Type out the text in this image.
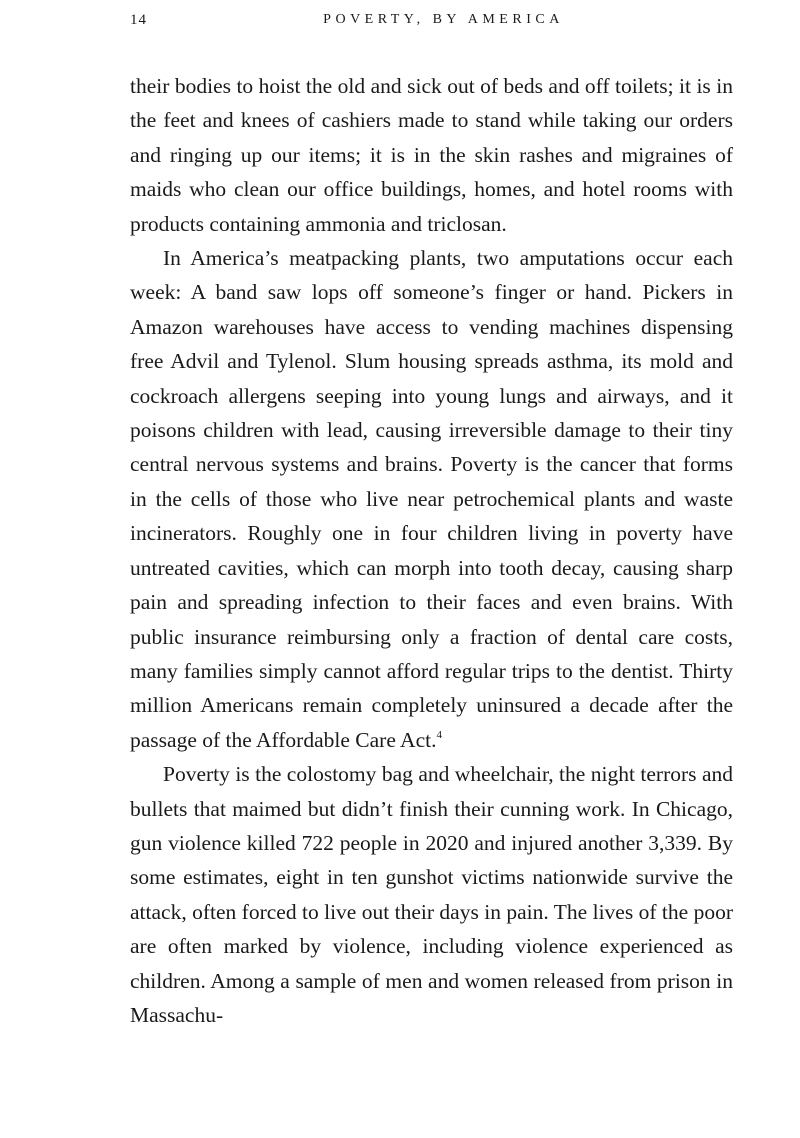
14	POVERTY, BY AMERICA

their bodies to hoist the old and sick out of beds and off toilets; it is in the feet and knees of cashiers made to stand while taking our orders and ringing up our items; it is in the skin rashes and migraines of maids who clean our office buildings, homes, and hotel rooms with products containing ammonia and triclosan.

In America’s meatpacking plants, two amputations occur each week: A band saw lops off someone’s finger or hand. Pickers in Amazon warehouses have access to vending machines dispensing free Advil and Tylenol. Slum housing spreads asthma, its mold and cockroach allergens seeping into young lungs and airways, and it poisons children with lead, causing irreversible damage to their tiny central nervous systems and brains. Poverty is the cancer that forms in the cells of those who live near petrochemical plants and waste incinerators. Roughly one in four children living in poverty have untreated cavities, which can morph into tooth decay, causing sharp pain and spreading infection to their faces and even brains. With public insurance reimbursing only a fraction of dental care costs, many families simply cannot afford regular trips to the dentist. Thirty million Americans remain completely uninsured a decade after the passage of the Affordable Care Act.$^4$

Poverty is the colostomy bag and wheelchair, the night terrors and bullets that maimed but didn’t finish their cunning work. In Chicago, gun violence killed 722 people in 2020 and injured another 3,339. By some estimates, eight in ten gunshot victims nationwide survive the attack, often forced to live out their days in pain. The lives of the poor are often marked by violence, including violence experienced as children. Among a sample of men and women released from prison in Massachu-
